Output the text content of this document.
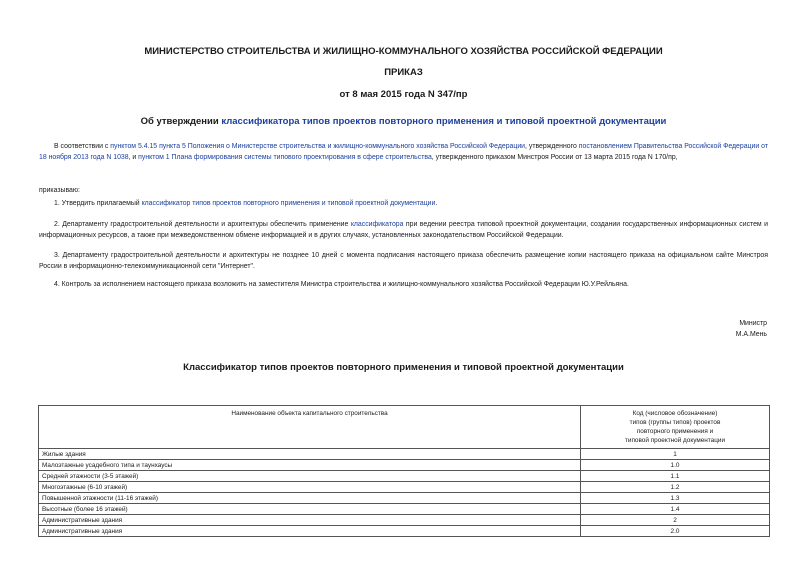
МИНИСТЕРСТВО СТРОИТЕЛЬСТВА И ЖИЛИЩНО-КОММУНАЛЬНОГО ХОЗЯЙСТВА РОССИЙСКОЙ ФЕДЕРАЦИИ
ПРИКАЗ
от 8 мая 2015 года N 347/пр
Об утверждении классификатора типов проектов повторного применения и типовой проектной документации

В соответствии с пунктом 5.4.15 пункта 5 Положения о Министерстве строительства и жилищно-коммунального хозяйства Российской Федерации, утвержденного постановлением Правительства Российской Федерации от 18 ноября 2013 года N 1038, и пунктом 1 Плана формирования системы типового проектирования в сфере строительства, утвержденного приказом Минстроя России от 13 марта 2015 года N 170/пр,

приказываю:

1. Утвердить прилагаемый классификатор типов проектов повторного применения и типовой проектной документации.

2. Департаменту градостроительной деятельности и архитектуры обеспечить применение классификатора при ведении реестра типовой проектной документации, создании государственных информационных систем и информационных ресурсов, а также при межведомственном обмене информацией и в других случаях, установленных законодательством Российской Федерации.

3. Департаменту градостроительной деятельности и архитектуры не позднее 10 дней с момента подписания настоящего приказа обеспечить размещение копии настоящего приказа на официальном сайте Минстроя России в информационно-телекоммуникационной сети "Интернет".

4. Контроль за исполнением настоящего приказа возложить на заместителя Министра строительства и жилищно-коммунального хозяйства Российской Федерации Ю.У.Рейльяна.

Министр
М.А.Мень
Классификатор типов проектов повторного применения и типовой проектной документации
Наименование объекта капитального строительства	Код (числовое обозначение)
типов (группы типов) проектов
повторного применения и
типовой проектной документации

Жилые здания	1
Малоэтажные усадебного типа и таунхаусы	1.0
Средней этажности (3-5 этажей)	1.1
Многоэтажные (6-10 этажей)	1.2
Повышенной этажности (11-16 этажей)	1.3
Высотные (более 16 этажей)	1.4
Административные здания	2
Административные здания	2.0
